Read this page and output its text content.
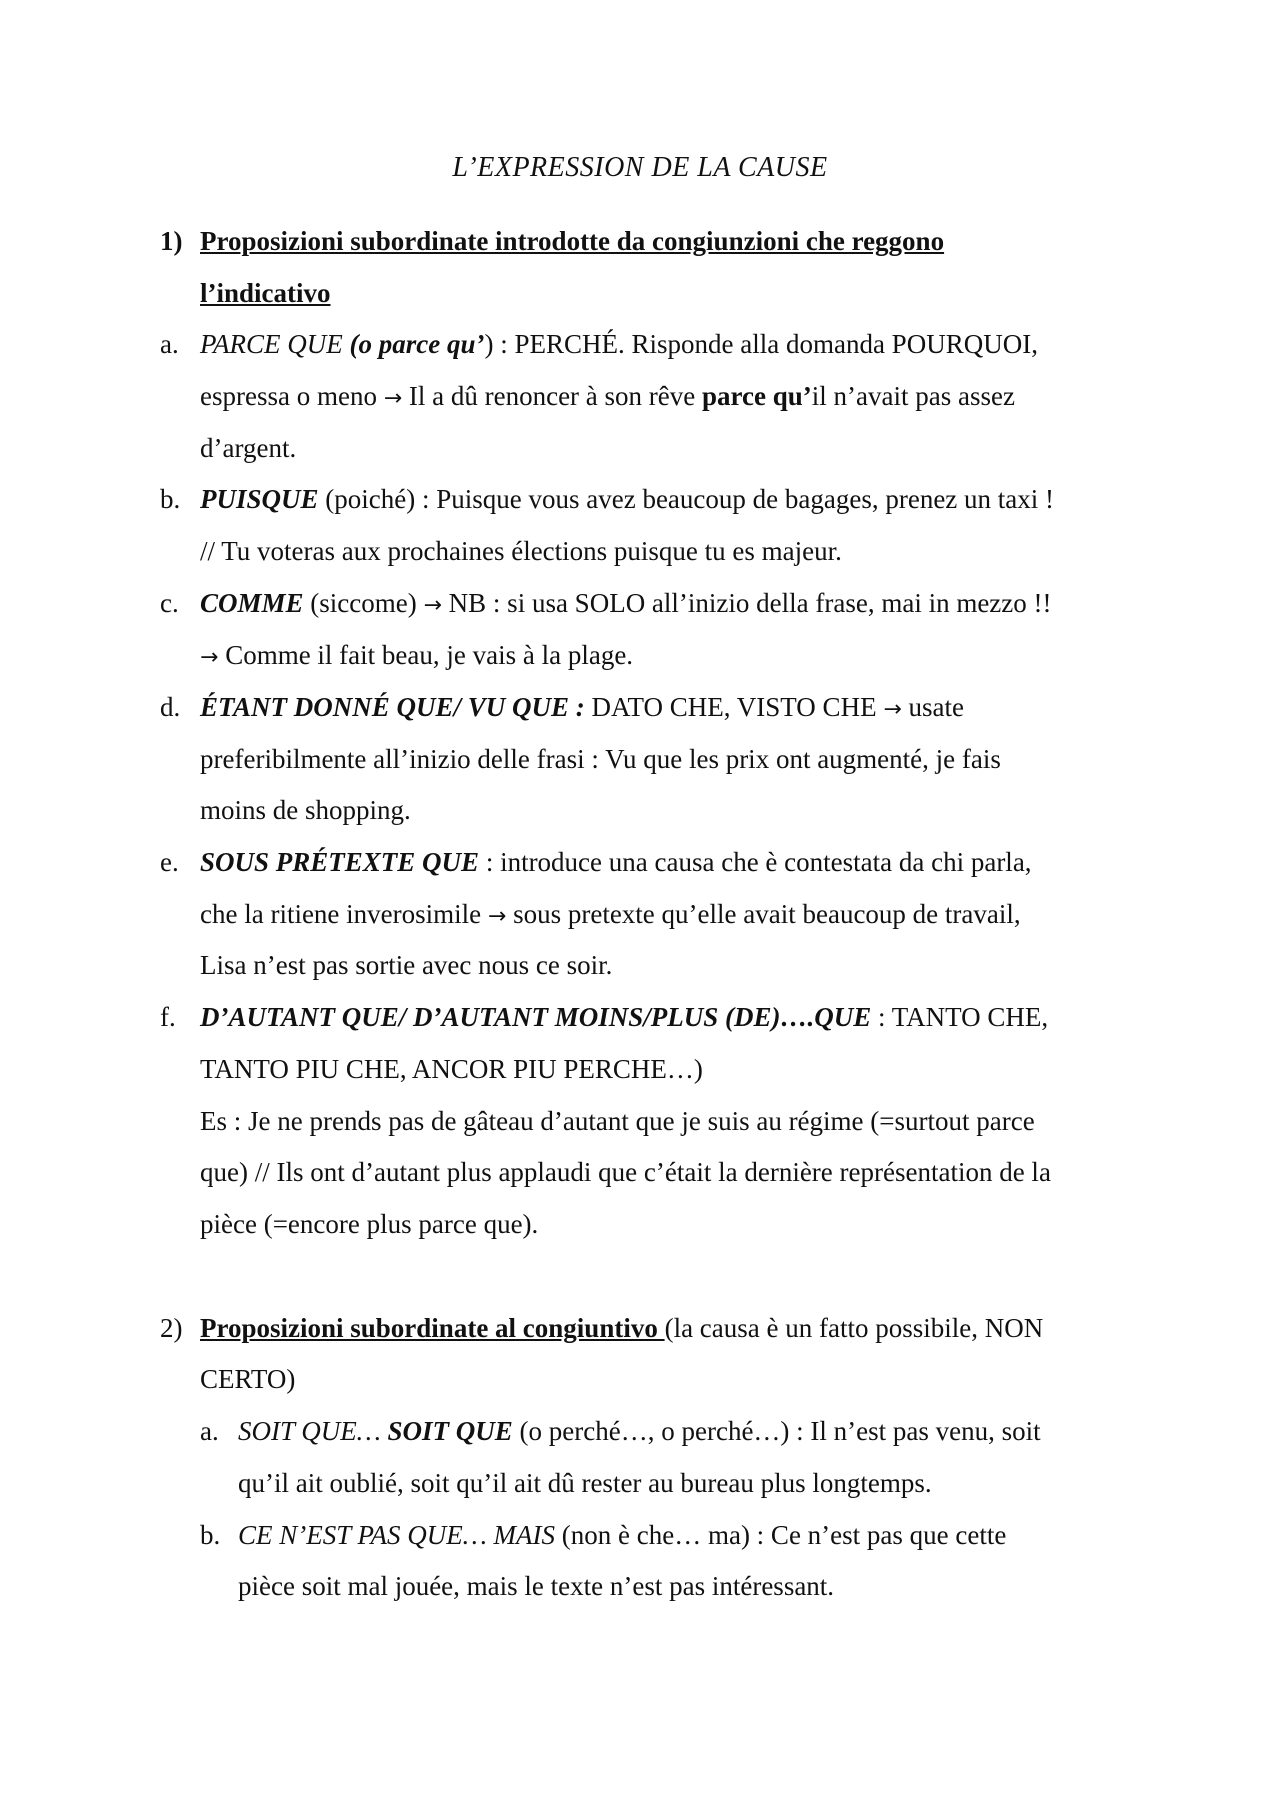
L’EXPRESSION DE LA CAUSE
1) Proposizioni subordinate introdotte da congiunzioni che reggono
l’indicativo
a. PARCE QUE (o parce qu’) : PERCHÉ. Risponde alla domanda POURQUOI,
espressa o meno → Il a dû renoncer à son rêve parce qu’il n’avait pas assez
d’argent.
b. PUISQUE (poiché) : Puisque vous avez beaucoup de bagages, prenez un taxi !
// Tu voteras aux prochaines élections puisque tu es majeur.
c. COMME (siccome) → NB : si usa SOLO all’inizio della frase, mai in mezzo !!
→ Comme il fait beau, je vais à la plage.
d. ÉTANT DONNÉ QUE/ VU QUE : DATO CHE, VISTO CHE → usate
preferibilmente all’inizio delle frasi : Vu que les prix ont augmenté, je fais
moins de shopping.
e. SOUS PRÉTEXTE QUE : introduce una causa che è contestata da chi parla,
che la ritiene inverosimile → sous pretexte qu’elle avait beaucoup de travail,
Lisa n’est pas sortie avec nous ce soir.
f. D’AUTANT QUE/ D’AUTANT MOINS/PLUS (DE)….QUE : TANTO CHE,
TANTO PIU CHE, ANCOR PIU PERCHE…)
Es : Je ne prends pas de gâteau d’autant que je suis au régime (=surtout parce
que) // Ils ont d’autant plus applaudi que c’était la dernière représentation de la
pièce (=encore plus parce que).
2) Proposizioni subordinate al congiuntivo (la causa è un fatto possibile, NON
CERTO)
a. SOIT QUE… SOIT QUE (o perché…, o perché…) : Il n’est pas venu, soit
qu’il ait oublié, soit qu’il ait dû rester au bureau plus longtemps.
b. CE N’EST PAS QUE… MAIS (non è che… ma) : Ce n’est pas que cette
pièce soit mal jouée, mais le texte n’est pas intéressant.
